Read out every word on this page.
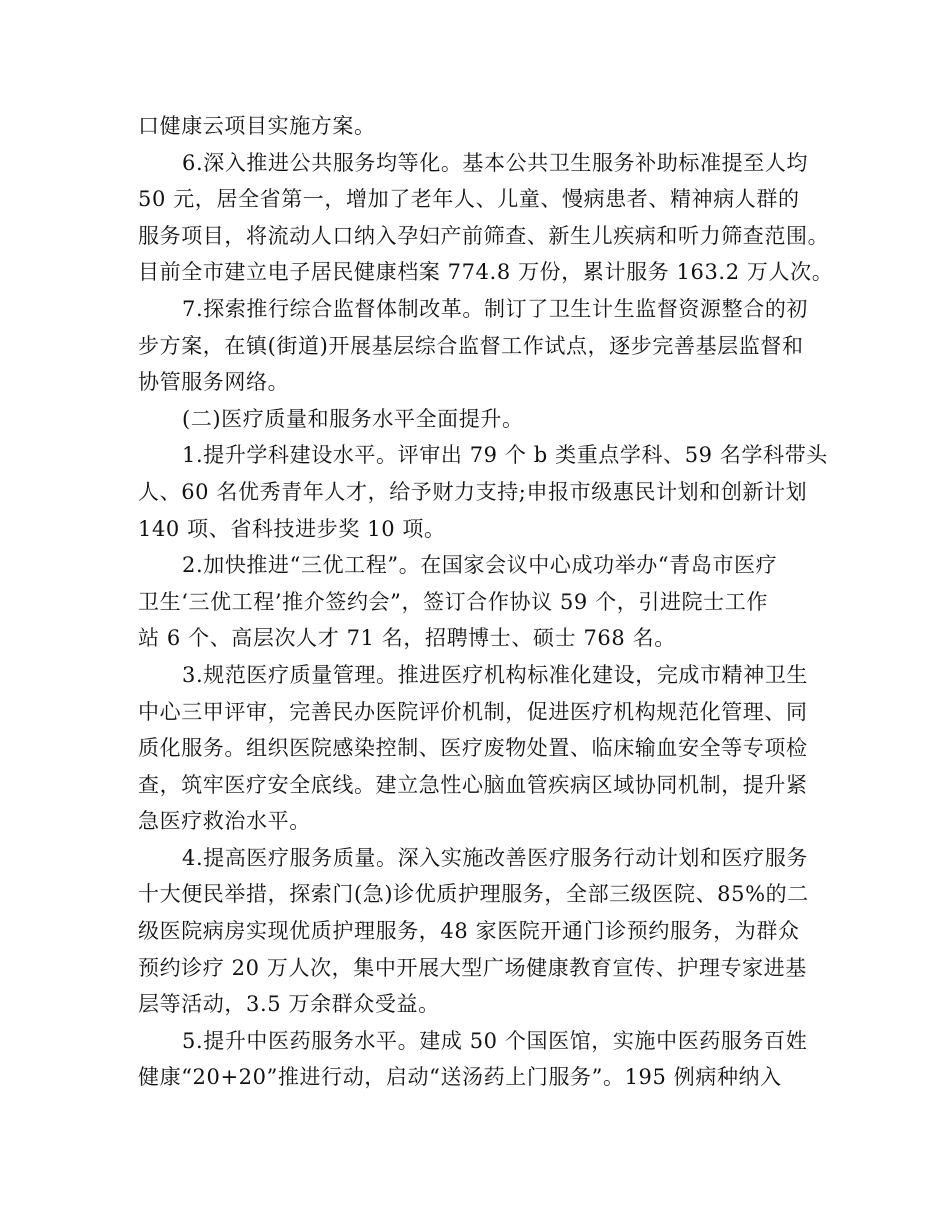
口健康云项目实施方案。
6.深入推进公共服务均等化。基本公共卫生服务补助标准提至人均
50 元，居全省第一，增加了老年人、儿童、慢病患者、精神病人群的
服务项目，将流动人口纳入孕妇产前筛查、新生儿疾病和听力筛查范围。
目前全市建立电子居民健康档案 774.8 万份，累计服务 163.2 万人次。
7.探索推行综合监督体制改革。制订了卫生计生监督资源整合的初
步方案，在镇(街道)开展基层综合监督工作试点，逐步完善基层监督和
协管服务网络。
(二)医疗质量和服务水平全面提升。
1.提升学科建设水平。评审出 79 个 b 类重点学科、59 名学科带头
人、60 名优秀青年人才，给予财力支持;申报市级惠民计划和创新计划
140 项、省科技进步奖 10 项。
2.加快推进“三优工程”。在国家会议中心成功举办“青岛市医疗
卫生‘三优工程’推介签约会”，签订合作协议 59 个，引进院士工作
站 6 个、高层次人才 71 名，招聘博士、硕士 768 名。
3.规范医疗质量管理。推进医疗机构标准化建设，完成市精神卫生
中心三甲评审，完善民办医院评价机制，促进医疗机构规范化管理、同
质化服务。组织医院感染控制、医疗废物处置、临床输血安全等专项检
查，筑牢医疗安全底线。建立急性心脑血管疾病区域协同机制，提升紧
急医疗救治水平。
4.提高医疗服务质量。深入实施改善医疗服务行动计划和医疗服务
十大便民举措，探索门(急)诊优质护理服务，全部三级医院、85%的二
级医院病房实现优质护理服务，48 家医院开通门诊预约服务，为群众
预约诊疗 20 万人次，集中开展大型广场健康教育宣传、护理专家进基
层等活动，3.5 万余群众受益。
5.提升中医药服务水平。建成 50 个国医馆，实施中医药服务百姓
健康“20+20”推进行动，启动“送汤药上门服务”。195 例病种纳入
